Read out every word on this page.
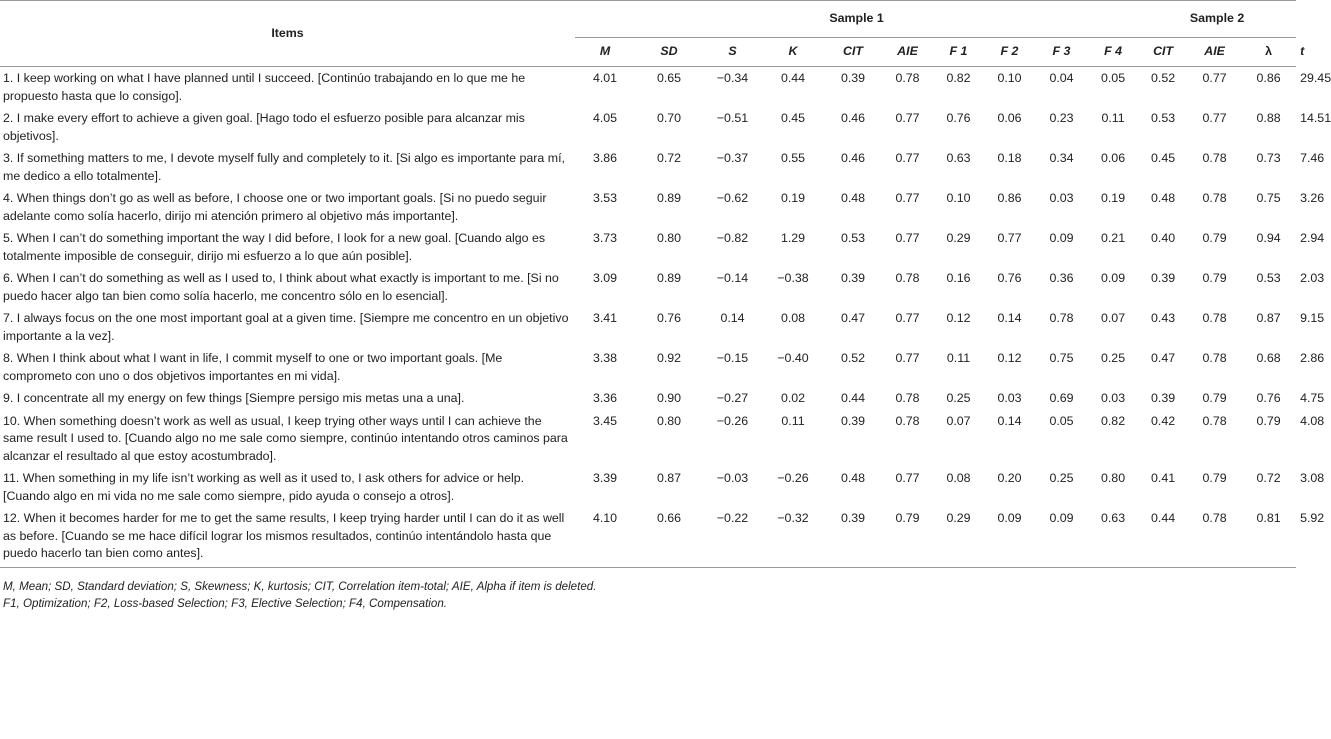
Items	Sample 1										Sample 2			
	M	SD	S	K	CIT	AIE	F 1	F 2	F 3	F 4	CIT	AIE	λ	t
1. I keep working on what I have planned until I succeed. [Continúo trabajando en lo que me he propuesto hasta que lo consigo].	4.01	0.65	−0.34	0.44	0.39	0.78	0.82	0.10	0.04	0.05	0.52	0.77	0.86	29.45
2. I make every effort to achieve a given goal. [Hago todo el esfuerzo posible para alcanzar mis objetivos].	4.05	0.70	−0.51	0.45	0.46	0.77	0.76	0.06	0.23	0.11	0.53	0.77	0.88	14.51
3. If something matters to me, I devote myself fully and completely to it. [Si algo es importante para mí, me dedico a ello totalmente].	3.86	0.72	−0.37	0.55	0.46	0.77	0.63	0.18	0.34	0.06	0.45	0.78	0.73	7.46
4. When things don’t go as well as before, I choose one or two important goals. [Si no puedo seguir adelante como solía hacerlo, dirijo mi atención primero al objetivo más importante].	3.53	0.89	−0.62	0.19	0.48	0.77	0.10	0.86	0.03	0.19	0.48	0.78	0.75	3.26
5. When I can’t do something important the way I did before, I look for a new goal. [Cuando algo es totalmente imposible de conseguir, dirijo mi esfuerzo a lo que aún posible].	3.73	0.80	−0.82	1.29	0.53	0.77	0.29	0.77	0.09	0.21	0.40	0.79	0.94	2.94
6. When I can’t do something as well as I used to, I think about what exactly is important to me. [Si no puedo hacer algo tan bien como solía hacerlo, me concentro sólo en lo esencial].	3.09	0.89	−0.14	−0.38	0.39	0.78	0.16	0.76	0.36	0.09	0.39	0.79	0.53	2.03
7. I always focus on the one most important goal at a given time. [Siempre me concentro en un objetivo importante a la vez].	3.41	0.76	0.14	0.08	0.47	0.77	0.12	0.14	0.78	0.07	0.43	0.78	0.87	9.15
8. When I think about what I want in life, I commit myself to one or two important goals. [Me comprometo con uno o dos objetivos importantes en mi vida].	3.38	0.92	−0.15	−0.40	0.52	0.77	0.11	0.12	0.75	0.25	0.47	0.78	0.68	2.86
9. I concentrate all my energy on few things [Siempre persigo mis metas una a una].	3.36	0.90	−0.27	0.02	0.44	0.78	0.25	0.03	0.69	0.03	0.39	0.79	0.76	4.75
10. When something doesn’t work as well as usual, I keep trying other ways until I can achieve the same result I used to. [Cuando algo no me sale como siempre, continúo intentando otros caminos para alcanzar el resultado al que estoy acostumbrado].	3.45	0.80	−0.26	0.11	0.39	0.78	0.07	0.14	0.05	0.82	0.42	0.78	0.79	4.08
11. When something in my life isn’t working as well as it used to, I ask others for advice or help. [Cuando algo en mi vida no me sale como siempre, pido ayuda o consejo a otros].	3.39	0.87	−0.03	−0.26	0.48	0.77	0.08	0.20	0.25	0.80	0.41	0.79	0.72	3.08
12. When it becomes harder for me to get the same results, I keep trying harder until I can do it as well as before. [Cuando se me hace difícil lograr los mismos resultados, continúo intentándolo hasta que puedo hacerlo tan bien como antes].	4.10	0.66	−0.22	−0.32	0.39	0.79	0.29	0.09	0.09	0.63	0.44	0.78	0.81	5.92
M, Mean; SD, Standard deviation; S, Skewness; K, kurtosis; CIT, Correlation item-total; AIE, Alpha if item is deleted.
F1, Optimization; F2, Loss-based Selection; F3, Elective Selection; F4, Compensation.
